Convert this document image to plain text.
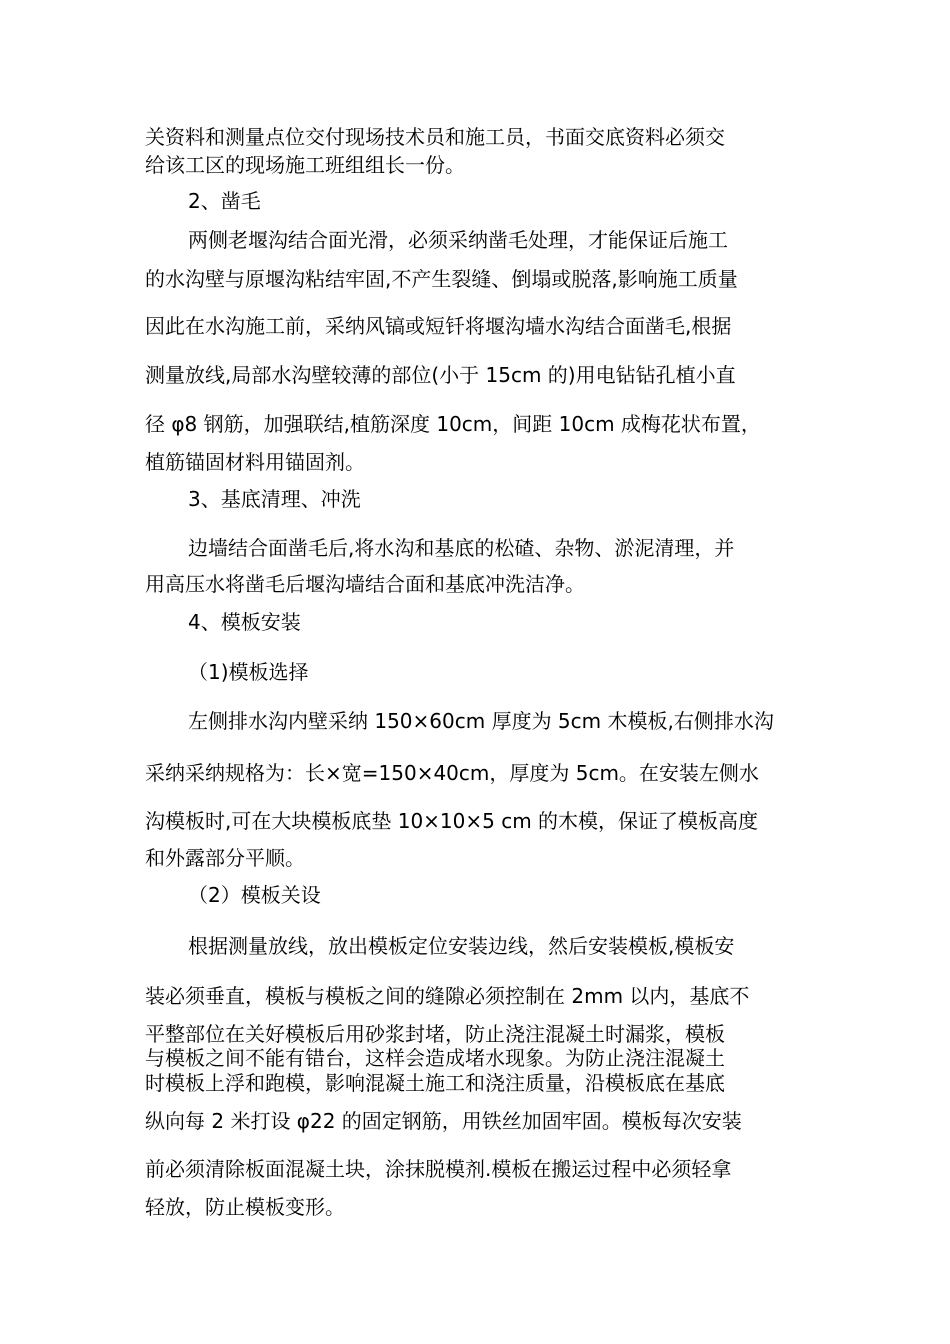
关资料和测量点位交付现场技术员和施工员，书面交底资料必须交
给该工区的现场施工班组组长一份。
2、凿毛
两侧老堰沟结合面光滑，必须采纳凿毛处理，才能保证后施工
的水沟壁与原堰沟粘结牢固,不产生裂缝、倒塌或脱落,影响施工质量
因此在水沟施工前，采纳风镐或短钎将堰沟墙水沟结合面凿毛,根据
测量放线,局部水沟壁较薄的部位(小于 15cm 的)用电钻钻孔植小直
径 φ8 钢筋，加强联结,植筋深度 10cm，间距 10cm 成梅花状布置，
植筋锚固材料用锚固剂。
3、基底清理、冲洗
边墙结合面凿毛后,将水沟和基底的松碴、杂物、淤泥清理，并
用高压水将凿毛后堰沟墙结合面和基底冲洗洁净。
4、模板安装
（1)模板选择
左侧排水沟内壁采纳 150×60cm 厚度为 5cm 木模板,右侧排水沟
采纳采纳规格为：长×宽=150×40cm，厚度为 5cm。在安装左侧水
沟模板时,可在大块模板底垫 10×10×5 cm 的木模，保证了模板高度
和外露部分平顺。
（2）模板关设
根据测量放线，放出模板定位安装边线，然后安装模板,模板安
装必须垂直，模板与模板之间的缝隙必须控制在 2mm 以内，基底不
平整部位在关好模板后用砂浆封堵，防止浇注混凝土时漏浆，模板
与模板之间不能有错台，这样会造成堵水现象。为防止浇注混凝土
时模板上浮和跑模，影响混凝土施工和浇注质量，沿模板底在基底
纵向每 2 米打设 φ22 的固定钢筋，用铁丝加固牢固。模板每次安装
前必须清除板面混凝土块，涂抹脱模剂.模板在搬运过程中必须轻拿
轻放，防止模板变形。
